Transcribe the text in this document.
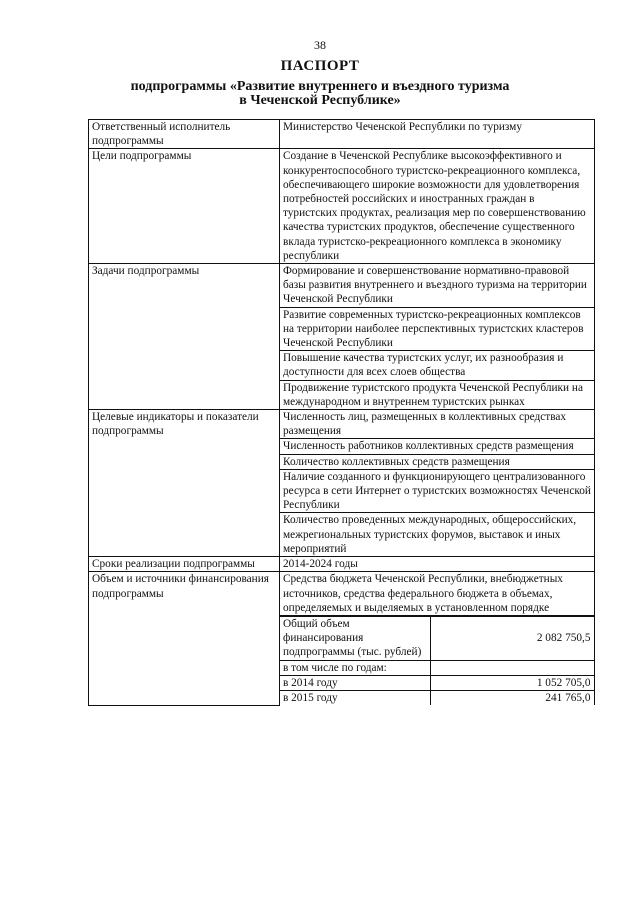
38
ПАСПОРТ
подпрограммы «Развитие внутреннего и въездного туризма
в Чеченской Республике»
Ответственный исполнитель подпрограммы	Министерство Чеченской Республики по туризму
Цели подпрограммы	Создание в Чеченской Республике высокоэффективного и конкурентоспособного туристско-рекреационного комплекса, обеспечивающего широкие возможности для удовлетворения потребностей российских и иностранных граждан в туристских продуктах, реализация мер по совершенствованию качества туристских продуктов, обеспечение существенного вклада туристско-рекреационного комплекса в экономику республики
Задачи подпрограммы	Формирование и совершенствование нормативно-правовой базы развития внутреннего и въездного туризма на территории Чеченской Республики
Развитие современных туристско-рекреационных комплексов на территории наиболее перспективных туристских кластеров Чеченской Республики
Повышение качества туристских услуг, их разнообразия и доступности для всех слоев общества
Продвижение туристского продукта Чеченской Республики на международном и внутреннем туристских рынках
Целевые индикаторы и показатели подпрограммы	Численность лиц, размещенных в коллективных средствах размещения
Численность работников коллективных средств размещения
Количество коллективных средств размещения
Наличие созданного и функционирующего централизованного ресурса в сети Интернет о туристских возможностях Чеченской Республики
Количество проведенных международных, общероссийских, межрегиональных туристских форумов, выставок и иных мероприятий
Сроки реализации подпрограммы	2014-2024 годы
Объем и источники финансирования подпрограммы	Средства бюджета Чеченской Республики, внебюджетных источников, средства федерального бюджета в объемах, определяемых и выделяемых в установленном порядке

Общий объем финансирования подпрограммы (тыс. рублей)	2 082 750,5
в том числе по годам:	
в 2014 году	1 052 705,0
в 2015 году	241 765,0
